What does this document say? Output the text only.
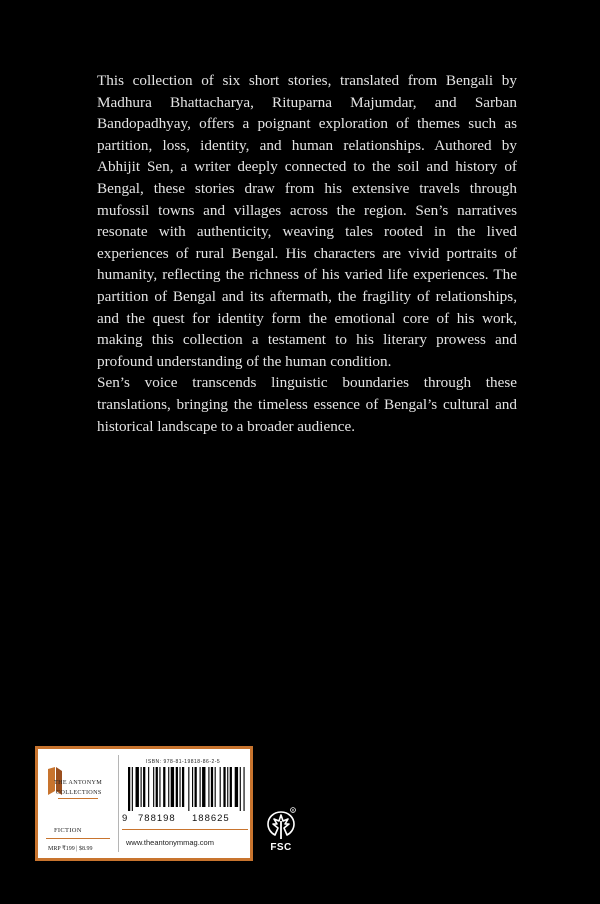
This collection of six short stories, translated from Bengali by Madhura Bhattacharya, Rituparna Majumdar, and Sarban Bandopadhyay, offers a poignant exploration of themes such as partition, loss, identity, and human relationships. Authored by Abhijit Sen, a writer deeply connected to the soil and history of Bengal, these stories draw from his extensive travels through mufossil towns and villages across the region. Sen’s narratives resonate with authenticity, weaving tales rooted in the lived experiences of rural Bengal. His characters are vivid portraits of humanity, reflecting the richness of his varied life experiences. The partition of Bengal and its aftermath, the fragility of relationships, and the quest for identity form the emotional core of his work, making this collection a testament to his literary prowess and profound understanding of the human condition.

Sen’s voice transcends linguistic boundaries through these translations, bringing the timeless essence of Bengal’s cultural and historical landscape to a broader audience.

THE ANTONYM
COLLECTIONS
FICTION
MRP ₹199 | $8.99
ISBN: 978-81-19818-86-2-5
9 788198 188625
www.theantonymmag.com
R
FSC
